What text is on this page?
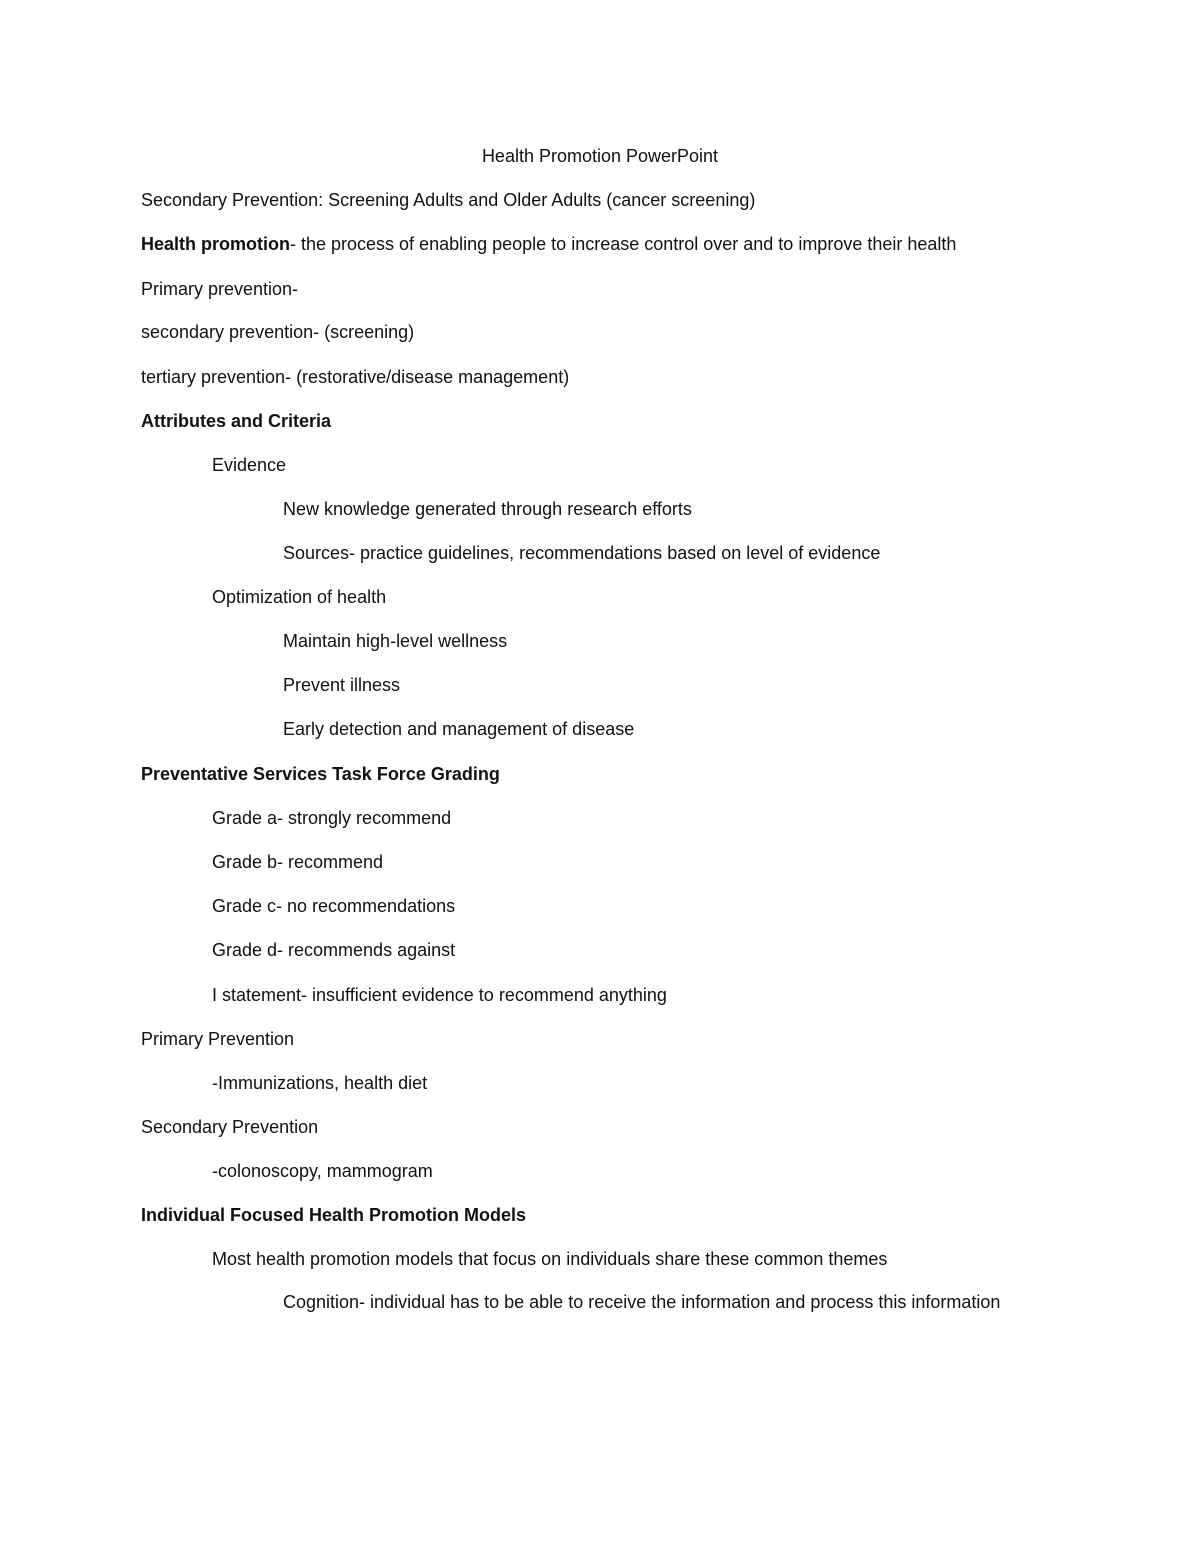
Health Promotion PowerPoint
Secondary Prevention: Screening Adults and Older Adults (cancer screening)
Health promotion- the process of enabling people to increase control over and to improve their health
Primary prevention-
secondary prevention- (screening)
tertiary prevention- (restorative/disease management)
Attributes and Criteria
Evidence
New knowledge generated through research efforts
Sources- practice guidelines, recommendations based on level of evidence
Optimization of health
Maintain high-level wellness
Prevent illness
Early detection and management of disease
Preventative Services Task Force Grading
Grade a- strongly recommend
Grade b- recommend
Grade c- no recommendations
Grade d- recommends against
I statement- insufficient evidence to recommend anything
Primary Prevention
-Immunizations, health diet
Secondary Prevention
-colonoscopy, mammogram
Individual Focused Health Promotion Models
Most health promotion models that focus on individuals share these common themes
Cognition- individual has to be able to receive the information and process this information
